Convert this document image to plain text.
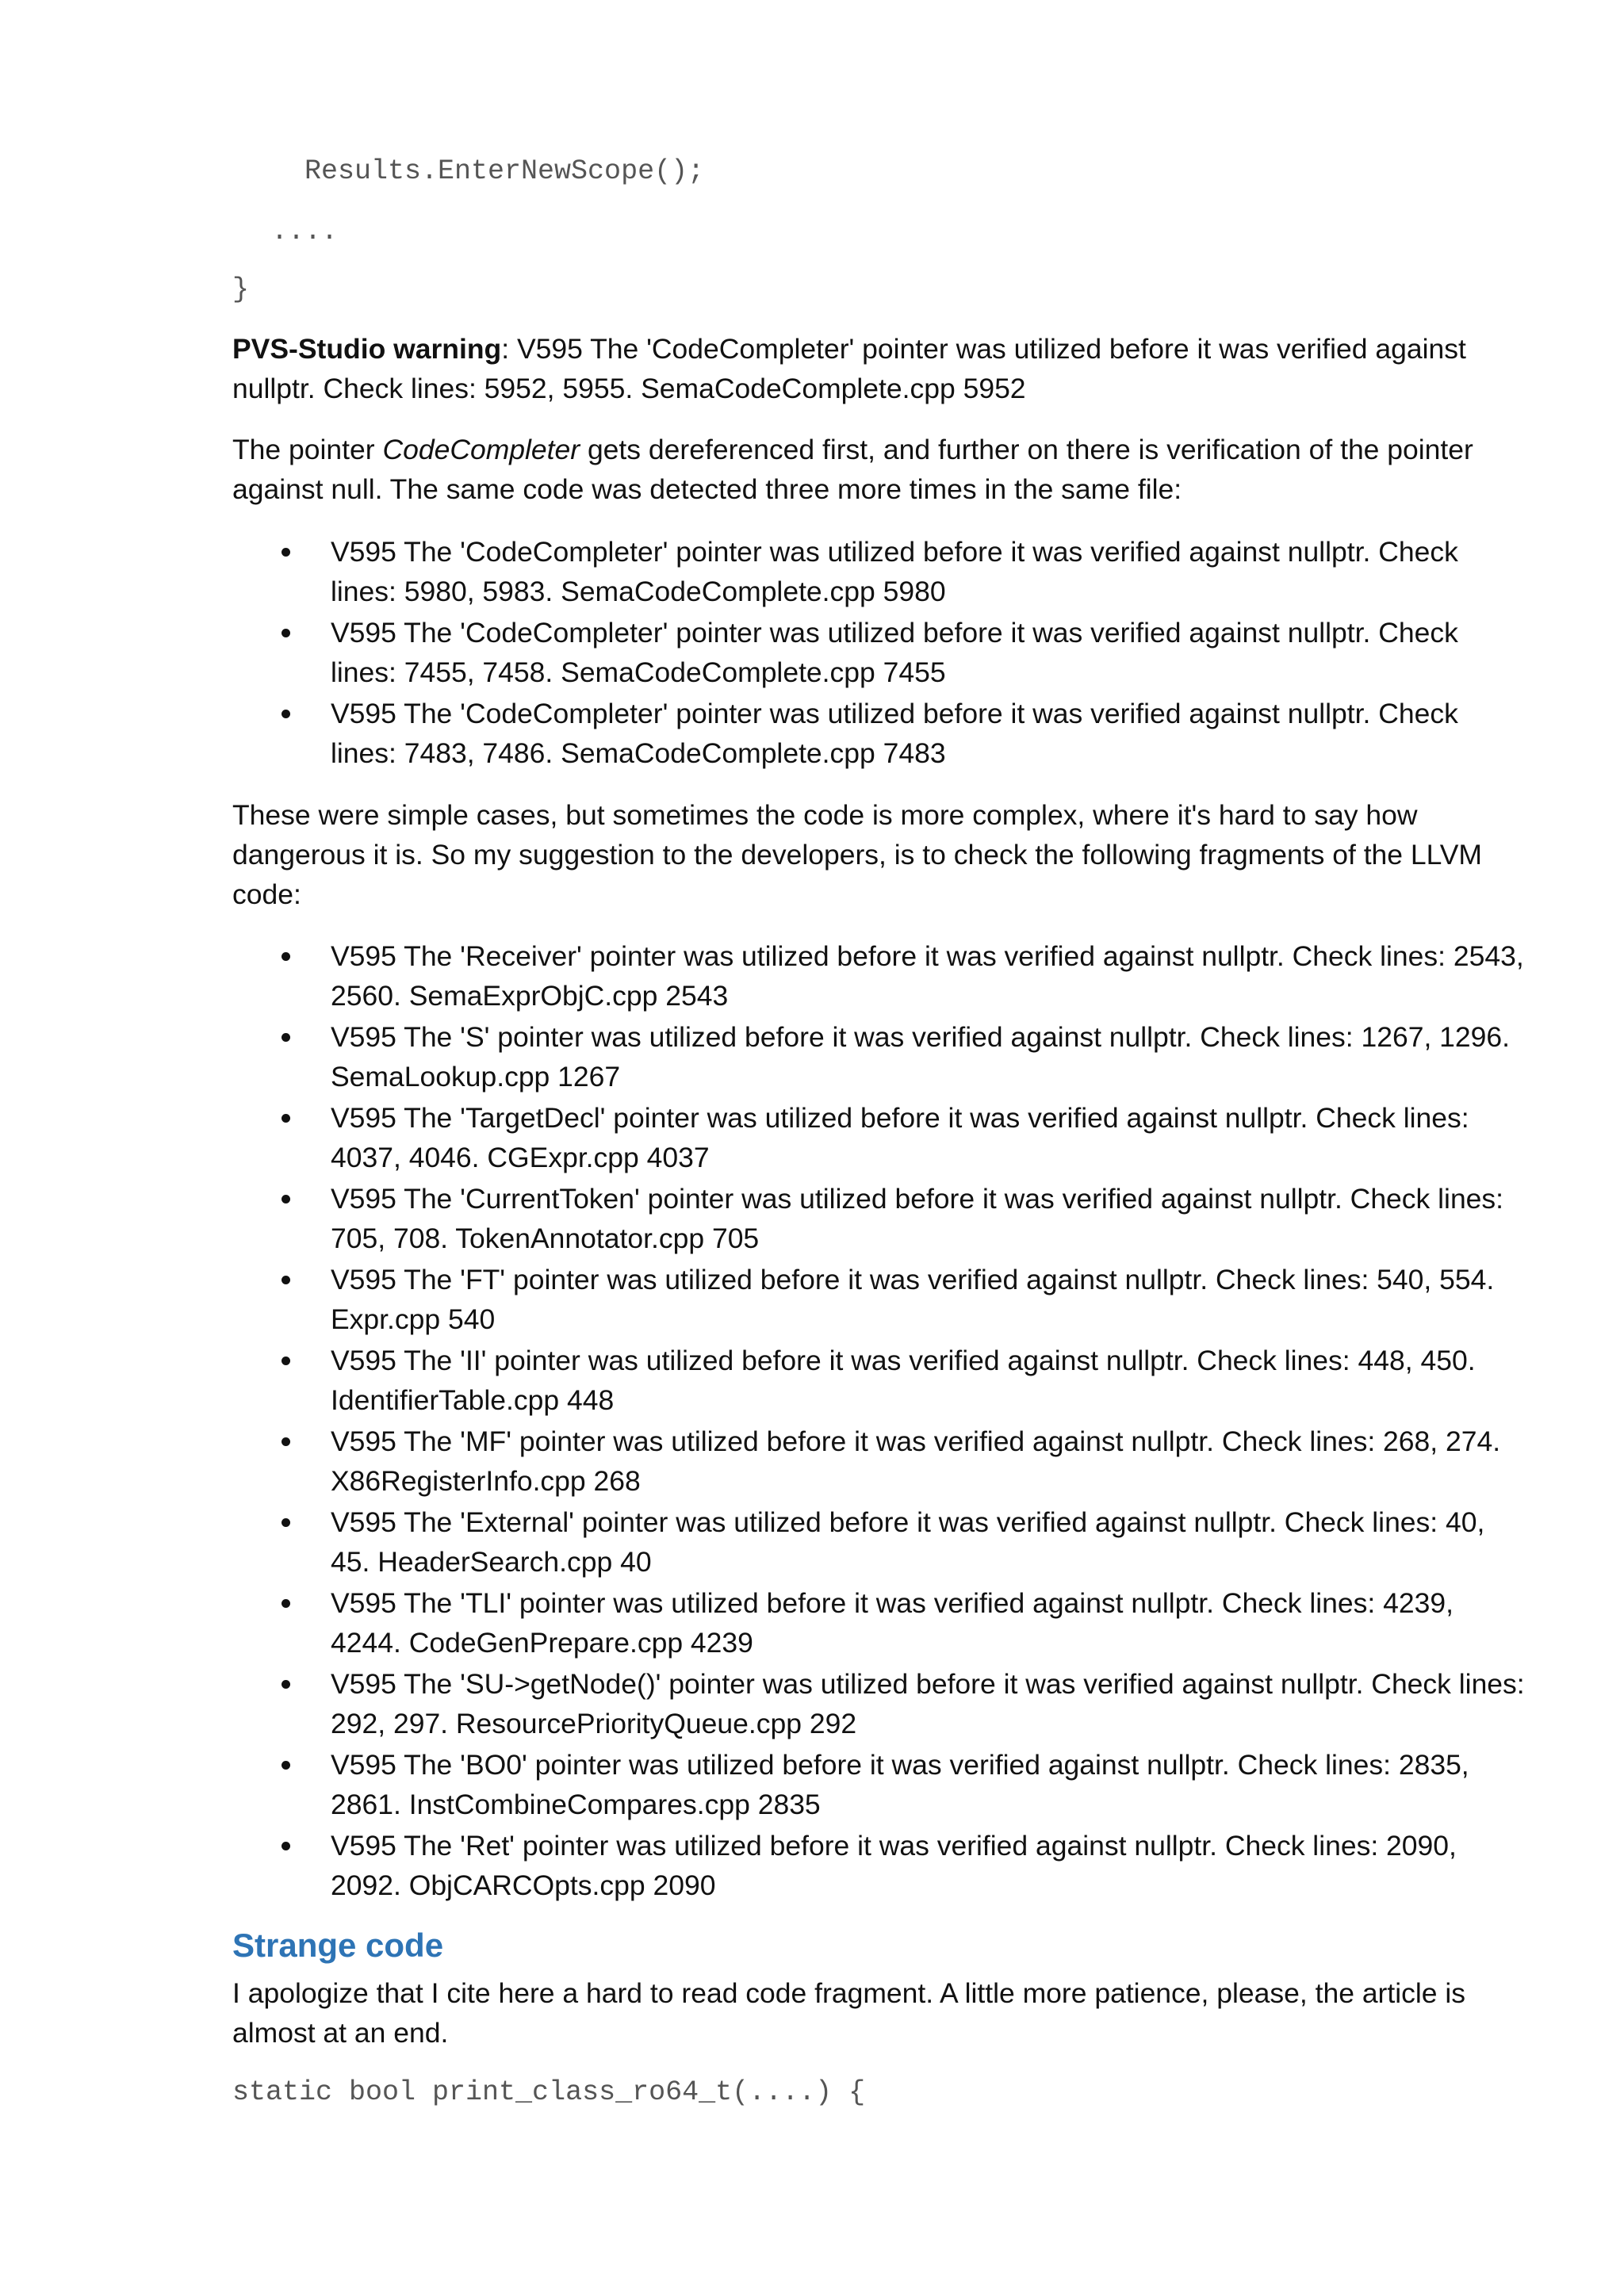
Results.EnterNewScope();
....
}

PVS-Studio warning: V595 The 'CodeCompleter' pointer was utilized before it was verified against nullptr. Check lines: 5952, 5955. SemaCodeComplete.cpp 5952

The pointer CodeCompleter gets dereferenced first, and further on there is verification of the pointer against null. The same code was detected three more times in the same file:

V595 The 'CodeCompleter' pointer was utilized before it was verified against nullptr. Check lines: 5980, 5983. SemaCodeComplete.cpp 5980
V595 The 'CodeCompleter' pointer was utilized before it was verified against nullptr. Check lines: 7455, 7458. SemaCodeComplete.cpp 7455
V595 The 'CodeCompleter' pointer was utilized before it was verified against nullptr. Check lines: 7483, 7486. SemaCodeComplete.cpp 7483

These were simple cases, but sometimes the code is more complex, where it's hard to say how dangerous it is. So my suggestion to the developers, is to check the following fragments of the LLVM code:

V595 The 'Receiver' pointer was utilized before it was verified against nullptr. Check lines: 2543, 2560. SemaExprObjC.cpp 2543
V595 The 'S' pointer was utilized before it was verified against nullptr. Check lines: 1267, 1296. SemaLookup.cpp 1267
V595 The 'TargetDecl' pointer was utilized before it was verified against nullptr. Check lines: 4037, 4046. CGExpr.cpp 4037
V595 The 'CurrentToken' pointer was utilized before it was verified against nullptr. Check lines: 705, 708. TokenAnnotator.cpp 705
V595 The 'FT' pointer was utilized before it was verified against nullptr. Check lines: 540, 554. Expr.cpp 540
V595 The 'II' pointer was utilized before it was verified against nullptr. Check lines: 448, 450. IdentifierTable.cpp 448
V595 The 'MF' pointer was utilized before it was verified against nullptr. Check lines: 268, 274. X86RegisterInfo.cpp 268
V595 The 'External' pointer was utilized before it was verified against nullptr. Check lines: 40, 45. HeaderSearch.cpp 40
V595 The 'TLI' pointer was utilized before it was verified against nullptr. Check lines: 4239, 4244. CodeGenPrepare.cpp 4239
V595 The 'SU->getNode()' pointer was utilized before it was verified against nullptr. Check lines: 292, 297. ResourcePriorityQueue.cpp 292
V595 The 'BO0' pointer was utilized before it was verified against nullptr. Check lines: 2835, 2861. InstCombineCompares.cpp 2835
V595 The 'Ret' pointer was utilized before it was verified against nullptr. Check lines: 2090, 2092. ObjCARCOpts.cpp 2090
Strange code

I apologize that I cite here a hard to read code fragment. A little more patience, please, the article is almost at an end.

static bool print_class_ro64_t(....) {
